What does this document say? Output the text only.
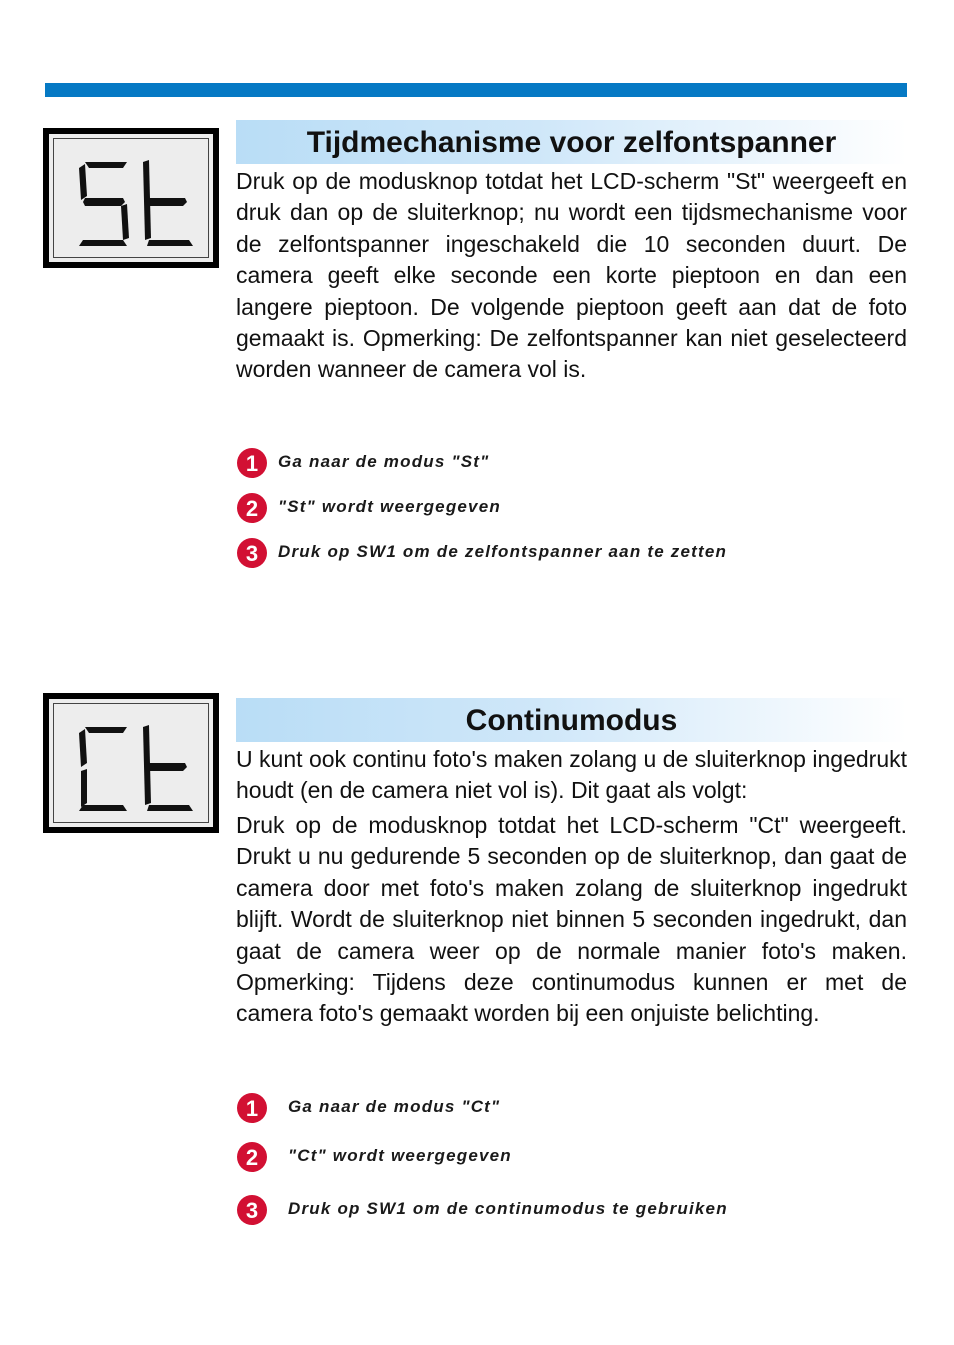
Tijdmechanisme voor zelfontspanner

Druk op de modusknop totdat het LCD-scherm "St" weergeeft en druk dan op de sluiterknop; nu wordt een tijdsmechanisme voor de zelfontspanner ingeschakeld die 10 seconden duurt. De camera geeft elke seconde een korte pieptoon en dan een langere pieptoon. De volgende pieptoon geeft aan dat de foto gemaakt is. Opmerking: De zelfontspanner kan niet geselecteerd worden wanneer de camera vol is.

1 Ga naar de modus "St"
2 "St" wordt weergegeven
3 Druk op SW1 om de zelfontspanner aan te zetten
Continumodus

U kunt ook continu foto's maken zolang u de sluiterknop ingedrukt houdt (en de camera niet vol is). Dit gaat als volgt:

Druk op de modusknop totdat het LCD-scherm "Ct" weergeeft. Drukt u nu gedurende 5 seconden op de sluiterknop, dan gaat de camera door met foto's maken zolang de sluiterknop ingedrukt blijft. Wordt de sluiterknop niet binnen 5 seconden ingedrukt, dan gaat de camera weer op de normale manier foto's maken. Opmerking: Tijdens deze continumodus kunnen er met de camera foto's gemaakt worden bij een onjuiste belichting.

1 Ga naar de modus "Ct"
2 "Ct" wordt weergegeven
3 Druk op SW1 om de continumodus te gebruiken
